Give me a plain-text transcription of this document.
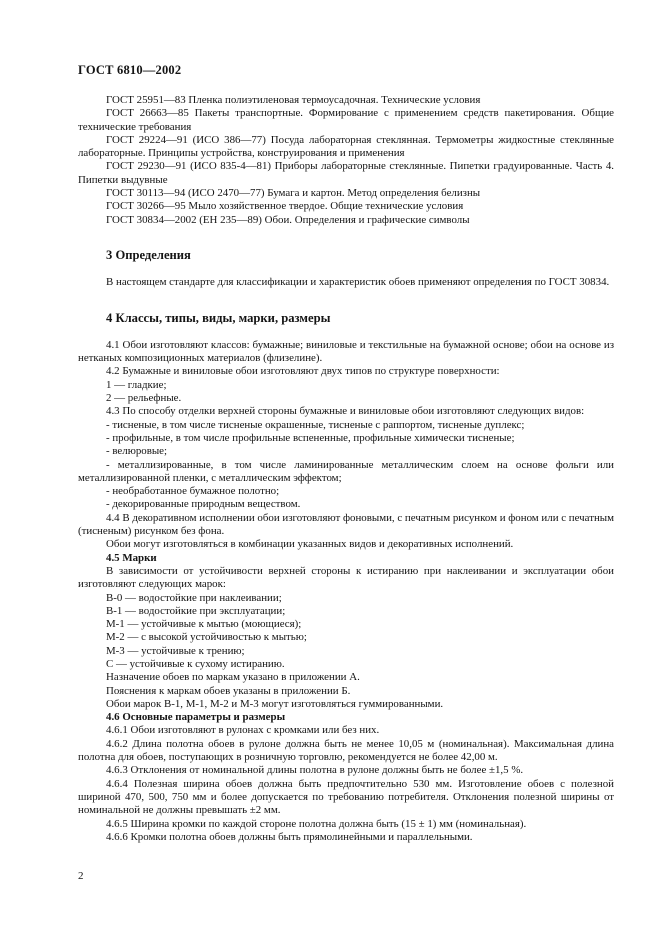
ГОСТ 6810—2002

ГОСТ 25951—83 Пленка полиэтиленовая термоусадочная. Технические условия

ГОСТ 26663—85 Пакеты транспортные. Формирование с применением средств пакетирования. Общие технические требования

ГОСТ 29224—91 (ИСО 386—77) Посуда лабораторная стеклянная. Термометры жидкостные стеклянные лабораторные. Принципы устройства, конструирования и применения

ГОСТ 29230—91 (ИСО 835-4—81) Приборы лабораторные стеклянные. Пипетки градуированные. Часть 4. Пипетки выдувные

ГОСТ 30113—94 (ИСО 2470—77) Бумага и картон. Метод определения белизны

ГОСТ 30266—95 Мыло хозяйственное твердое. Общие технические условия

ГОСТ 30834—2002 (ЕН 235—89) Обои. Определения и графические символы

3 Определения

В настоящем стандарте для классификации и характеристик обоев применяют определения по ГОСТ 30834.

4 Классы, типы, виды, марки, размеры

4.1 Обои изготовляют классов: бумажные; виниловые и текстильные на бумажной основе; обои на основе из нетканых композиционных материалов (флизелине).

4.2 Бумажные и виниловые обои изготовляют двух типов по структуре поверхности:

1 — гладкие;

2 — рельефные.

4.3 По способу отделки верхней стороны бумажные и виниловые обои изготовляют следующих видов:

- тисненые, в том числе тисненые окрашенные, тисненые с раппортом, тисненые дуплекс;

- профильные, в том числе профильные вспененные, профильные химически тисненые;

- велюровые;

- металлизированные, в том числе ламинированные металлическим слоем на основе фольги или металлизированной пленки, с металлическим эффектом;

- необработанное бумажное полотно;

- декорированные природным веществом.

4.4 В декоративном исполнении обои изготовляют фоновыми, с печатным рисунком и фоном или с печатным (тисненым) рисунком без фона.

Обои могут изготовляться в комбинации указанных видов и декоративных исполнений.

4.5 Марки

В зависимости от устойчивости верхней стороны к истиранию при наклеивании и эксплуатации обои изготовляют следующих марок:

В-0 — водостойкие при наклеивании;

В-1 — водостойкие при эксплуатации;

М-1 — устойчивые к мытью (моющиеся);

М-2 — с высокой устойчивостью к мытью;

М-3 — устойчивые к трению;

С — устойчивые к сухому истиранию.

Назначение обоев по маркам указано в приложении А.

Пояснения к маркам обоев указаны в приложении Б.

Обои марок В-1, М-1, М-2 и М-3 могут изготовляться гуммированными.

4.6 Основные параметры и размеры

4.6.1 Обои изготовляют в рулонах с кромками или без них.

4.6.2 Длина полотна обоев в рулоне должна быть не менее 10,05 м (номинальная). Максимальная длина полотна для обоев, поступающих в розничную торговлю, рекомендуется не более 42,00 м.

4.6.3 Отклонения от номинальной длины полотна в рулоне должны быть не более ±1,5 %.

4.6.4 Полезная ширина обоев должна быть предпочтительно 530 мм. Изготовление обоев с полезной шириной 470, 500, 750 мм и более допускается по требованию потребителя. Отклонения полезной ширины от номинальной не должны превышать ±2 мм.

4.6.5 Ширина кромки по каждой стороне полотна должна быть (15 ± 1) мм (номинальная).

4.6.6 Кромки полотна обоев должны быть прямолинейными и параллельными.

2
